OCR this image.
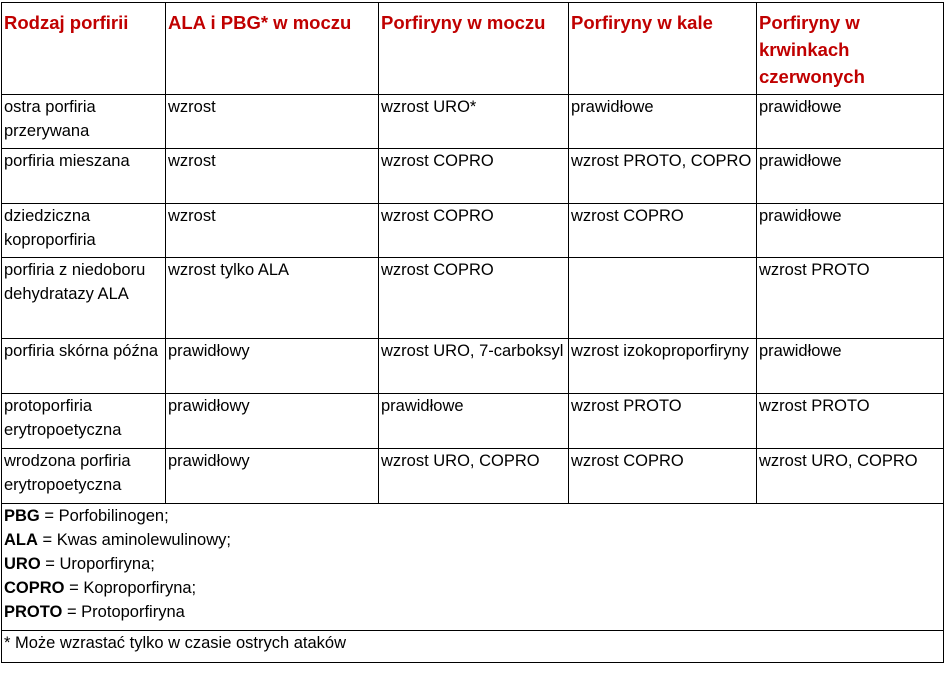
Rodzaj porfirii	ALA i PBG* w moczu	Porfiryny w moczu	Porfiryny w kale	Porfiryny w krwinkach czerwonych
ostra porfiria przerywana	wzrost	wzrost URO*	prawidłowe	prawidłowe
porfiria mieszana	wzrost	wzrost COPRO	wzrost PROTO, COPRO	prawidłowe
dziedziczna koproporfiria	wzrost	wzrost COPRO	wzrost COPRO	prawidłowe
porfiria z niedoboru dehydratazy ALA	wzrost tylko ALA	wzrost COPRO		wzrost PROTO
porfiria skórna późna	prawidłowy	wzrost URO, 7-carboksyl	wzrost izokoproporfiryny	prawidłowe
protoporfiria erytropoetyczna	prawidłowy	prawidłowe	wzrost PROTO	wzrost PROTO
wrodzona porfiria erytropoetyczna	prawidłowy	wzrost URO, COPRO	wzrost COPRO	wzrost URO, COPRO

PBG = Porfobilinogen;
ALA = Kwas aminolewulinowy;
URO = Uroporfiryna;
COPRO = Koproporfiryna;
PROTO = Protoporfiryna				

* Może wzrastać tylko w czasie ostrych ataków				
